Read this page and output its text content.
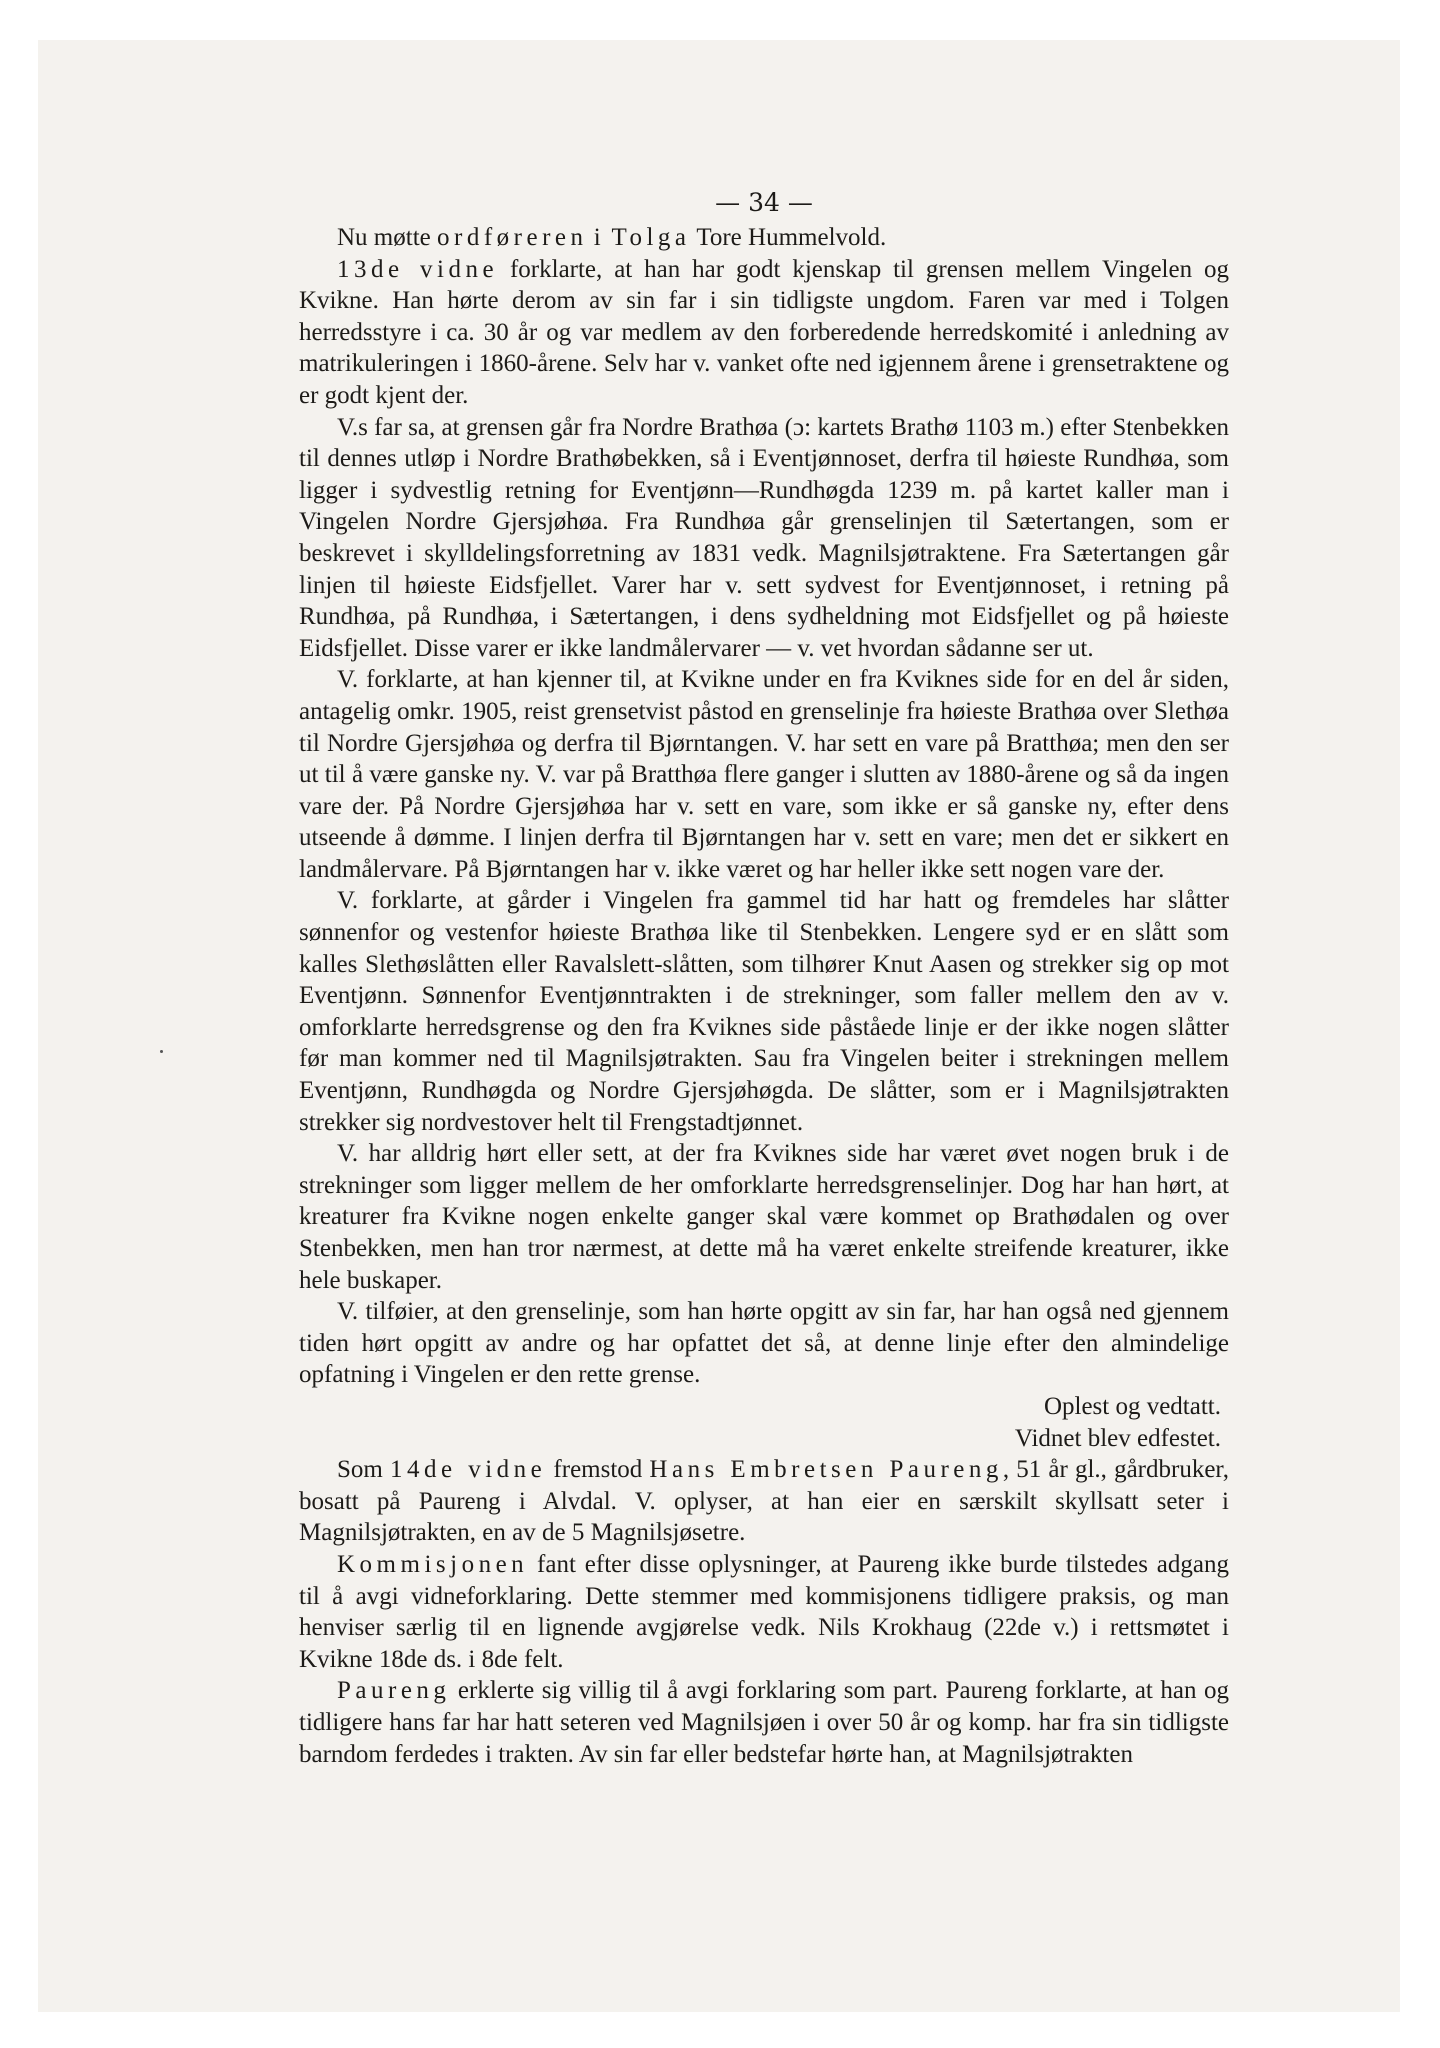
— 34 —

Nu møtte ordføreren i Tolga Tore Hummelvold.

13de vidne forklarte, at han har godt kjenskap til grensen mellem Vingelen og Kvikne. Han hørte derom av sin far i sin tidligste ungdom. Faren var med i Tolgen herredsstyre i ca. 30 år og var medlem av den forberedende herredskomité i anledning av matrikuleringen i 1860-årene. Selv har v. vanket ofte ned igjennem årene i grensetraktene og er godt kjent der.

V.s far sa, at grensen går fra Nordre Brathøa (ɔ: kartets Brathø 1103 m.) efter Stenbekken til dennes utløp i Nordre Brathøbekken, så i Eventjønnoset, derfra til høieste Rundhøa, som ligger i sydvestlig retning for Eventjønn—Rundhøgda 1239 m. på kartet kaller man i Vingelen Nordre Gjersjøhøa. Fra Rundhøa går grenselinjen til Sætertangen, som er beskrevet i skylldelingsforretning av 1831 vedk. Magnilsjøtraktene. Fra Sætertangen går linjen til høieste Eidsfjellet. Varer har v. sett sydvest for Eventjønnoset, i retning på Rundhøa, på Rundhøa, i Sætertangen, i dens sydheldning mot Eidsfjellet og på høieste Eidsfjellet. Disse varer er ikke landmålervarer — v. vet hvordan sådanne ser ut.

V. forklarte, at han kjenner til, at Kvikne under en fra Kviknes side for en del år siden, antagelig omkr. 1905, reist grensetvist påstod en grenselinje fra høieste Brathøa over Slethøa til Nordre Gjersjøhøa og derfra til Bjørntangen. V. har sett en vare på Bratthøa; men den ser ut til å være ganske ny. V. var på Bratthøa flere ganger i slutten av 1880-årene og så da ingen vare der. På Nordre Gjersjøhøa har v. sett en vare, som ikke er så ganske ny, efter dens utseende å dømme. I linjen derfra til Bjørntangen har v. sett en vare; men det er sikkert en landmålervare. På Bjørntangen har v. ikke været og har heller ikke sett nogen vare der.

V. forklarte, at gårder i Vingelen fra gammel tid har hatt og fremdeles har slåtter sønnenfor og vestenfor høieste Brathøa like til Stenbekken. Lengere syd er en slått som kalles Slethøslåtten eller Ravalslett-slåtten, som tilhører Knut Aasen og strekker sig op mot Eventjønn. Sønnenfor Eventjønntrakten i de strekninger, som faller mellem den av v. omforklarte herredsgrense og den fra Kviknes side påståede linje er der ikke nogen slåtter før man kommer ned til Magnilsjøtrakten. Sau fra Vingelen beiter i strekningen mellem Eventjønn, Rundhøgda og Nordre Gjersjøhøgda. De slåtter, som er i Magnilsjøtrakten strekker sig nordvestover helt til Frengstadtjønnet.

V. har alldrig hørt eller sett, at der fra Kviknes side har været øvet nogen bruk i de strekninger som ligger mellem de her omforklarte herredsgrenselinjer. Dog har han hørt, at kreaturer fra Kvikne nogen enkelte ganger skal være kommet op Brathødalen og over Stenbekken, men han tror nærmest, at dette må ha været enkelte streifende kreaturer, ikke hele buskaper.

V. tilføier, at den grenselinje, som han hørte opgitt av sin far, har han også ned gjennem tiden hørt opgitt av andre og har opfattet det så, at denne linje efter den almindelige opfatning i Vingelen er den rette grense.

Oplest og vedtatt.

Vidnet blev edfestet.

Som 14de vidne fremstod Hans Embretsen Paureng, 51 år gl., gårdbruker, bosatt på Paureng i Alvdal. V. oplyser, at han eier en særskilt skyllsatt seter i Magnilsjøtrakten, en av de 5 Magnilsjøsetre.

Kommisjonen fant efter disse oplysninger, at Paureng ikke burde tilstedes adgang til å avgi vidneforklaring. Dette stemmer med kommisjonens tidligere praksis, og man henviser særlig til en lignende avgjørelse vedk. Nils Krokhaug (22de v.) i rettsmøtet i Kvikne 18de ds. i 8de felt.

Paureng erklerte sig villig til å avgi forklaring som part. Paureng forklarte, at han og tidligere hans far har hatt seteren ved Magnilsjøen i over 50 år og komp. har fra sin tidligste barndom ferdedes i trakten. Av sin far eller bedstefar hørte han, at Magnilsjøtrakten
